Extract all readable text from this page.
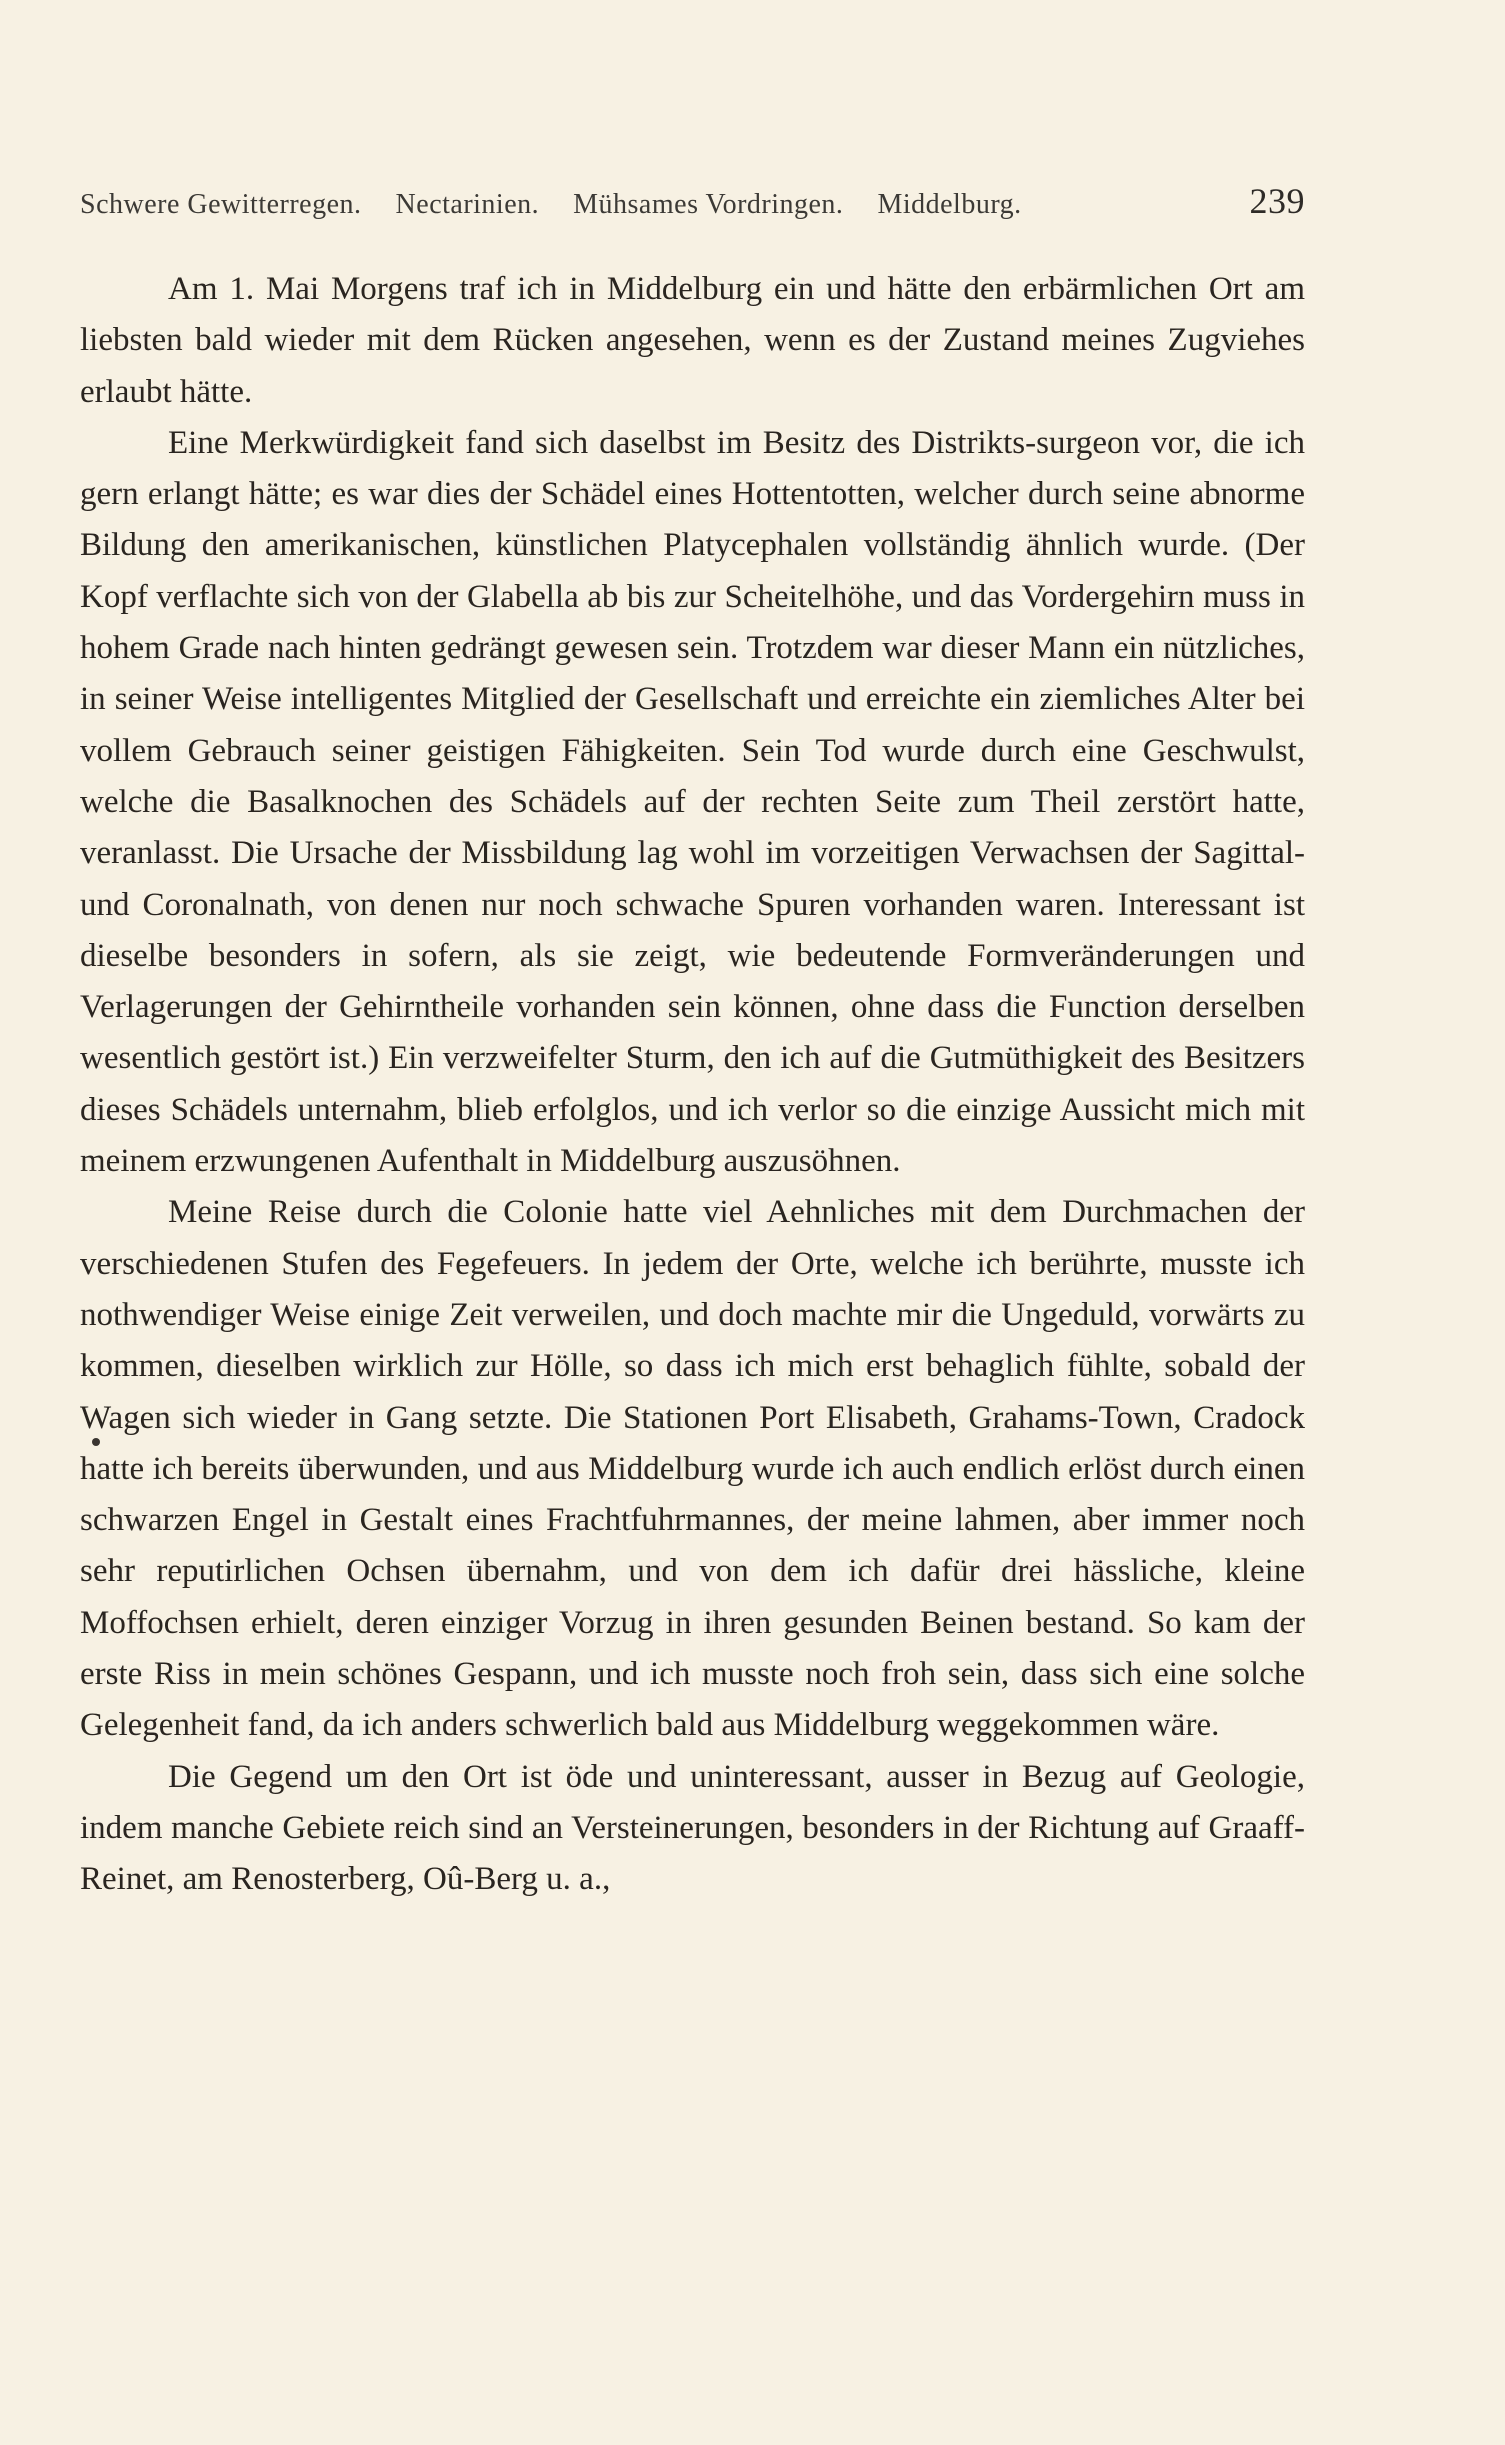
Schwere Gewitterregen. Nectarinien. Mühsames Vordringen. Middelburg.	239

Am 1. Mai Morgens traf ich in Middelburg ein und hätte den erbärmlichen Ort am liebsten bald wieder mit dem Rücken angesehen, wenn es der Zustand meines Zugviehes erlaubt hätte.

Eine Merkwürdigkeit fand sich daselbst im Besitz des Distrikts-surgeon vor, die ich gern erlangt hätte; es war dies der Schädel eines Hottentotten, welcher durch seine abnorme Bildung den amerikanischen, künstlichen Platycephalen vollständig ähnlich wurde. (Der Kopf verflachte sich von der Glabella ab bis zur Scheitelhöhe, und das Vordergehirn muss in hohem Grade nach hinten gedrängt gewesen sein. Trotzdem war dieser Mann ein nützliches, in seiner Weise intelligentes Mitglied der Gesellschaft und erreichte ein ziemliches Alter bei vollem Gebrauch seiner geistigen Fähigkeiten. Sein Tod wurde durch eine Geschwulst, welche die Basalknochen des Schädels auf der rechten Seite zum Theil zerstört hatte, veranlasst. Die Ursache der Missbildung lag wohl im vorzeitigen Verwachsen der Sagittal- und Coronalnath, von denen nur noch schwache Spuren vorhanden waren. Interessant ist dieselbe besonders in sofern, als sie zeigt, wie bedeutende Formveränderungen und Verlagerungen der Gehirntheile vorhanden sein können, ohne dass die Function derselben wesentlich gestört ist.) Ein verzweifelter Sturm, den ich auf die Gutmüthigkeit des Besitzers dieses Schädels unternahm, blieb erfolglos, und ich verlor so die einzige Aussicht mich mit meinem erzwungenen Aufenthalt in Middelburg auszusöhnen.

Meine Reise durch die Colonie hatte viel Aehnliches mit dem Durchmachen der verschiedenen Stufen des Fegefeuers. In jedem der Orte, welche ich berührte, musste ich nothwendiger Weise einige Zeit verweilen, und doch machte mir die Ungeduld, vorwärts zu kommen, dieselben wirklich zur Hölle, so dass ich mich erst behaglich fühlte, sobald der Wagen sich wieder in Gang setzte. Die Stationen Port Elisabeth, Grahams-Town, Cradock hatte ich bereits überwunden, und aus Middelburg wurde ich auch endlich erlöst durch einen schwarzen Engel in Gestalt eines Frachtfuhrmannes, der meine lahmen, aber immer noch sehr reputirlichen Ochsen übernahm, und von dem ich dafür drei hässliche, kleine Moffochsen erhielt, deren einziger Vorzug in ihren gesunden Beinen bestand. So kam der erste Riss in mein schönes Gespann, und ich musste noch froh sein, dass sich eine solche Gelegenheit fand, da ich anders schwerlich bald aus Middelburg weggekommen wäre.

Die Gegend um den Ort ist öde und uninteressant, ausser in Bezug auf Geologie, indem manche Gebiete reich sind an Versteinerungen, besonders in der Richtung auf Graaff-Reinet, am Renosterberg, Oû-Berg u. a.,
